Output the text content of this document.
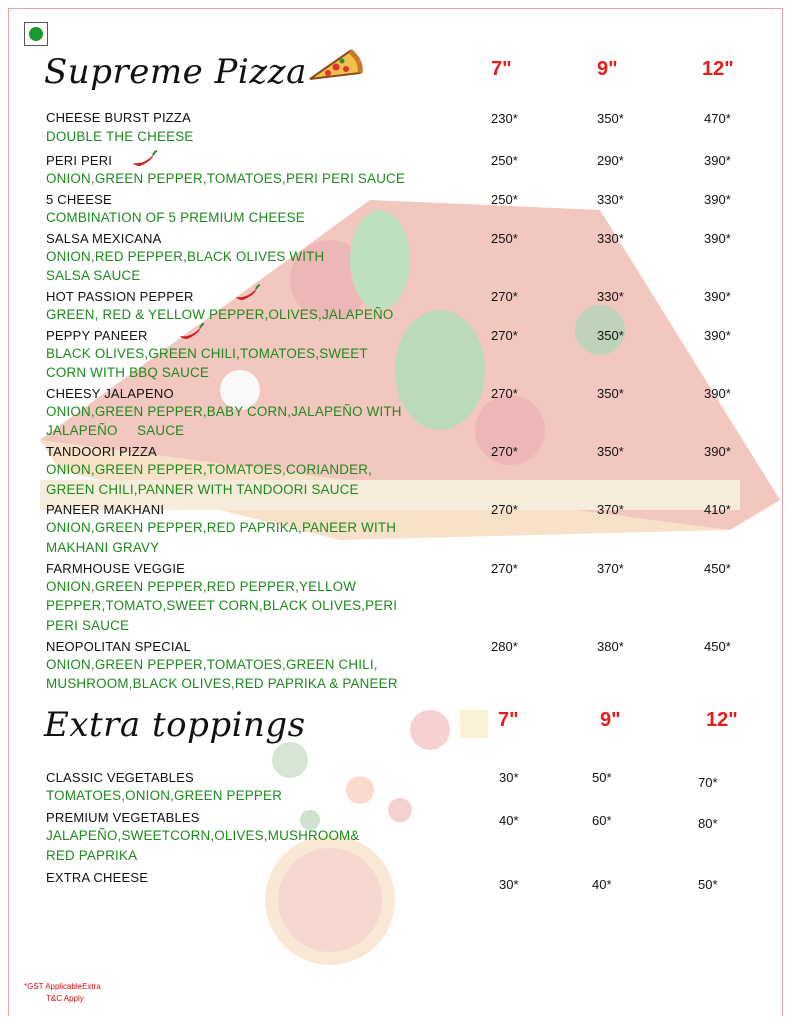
Supreme Pizza	7"	9"	12"
CHEESE BURST PIZZA
DOUBLE THE CHEESE
230*	350*	470*
PERI PERI
ONION,GREEN PEPPER,TOMATOES,PERI PERI SAUCE
250*	290*	390*
5 CHEESE
COMBINATION OF 5 PREMIUM CHEESE
250*	330*	390*
SALSA MEXICANA
ONION,RED PEPPER,BLACK OLIVES WITH
SALSA SAUCE
250*	330*	390*
HOT PASSION PEPPER
GREEN, RED & YELLOW PEPPER,OLIVES,JALAPEÑO
270*	330*	390*
PEPPY PANEER
BLACK OLIVES,GREEN CHILI,TOMATOES,SWEET
CORN WITH BBQ SAUCE
270*	350*	390*
CHEESY JALAPENO
ONION,GREEN PEPPER,BABY CORN,JALAPEÑO WITH
JALAPEÑO     SAUCE
270*	350*	390*
TANDOORI PIZZA
ONION,GREEN PEPPER,TOMATOES,CORIANDER,
GREEN CHILI,PANNER WITH TANDOORI SAUCE
270*	350*	390*
PANEER MAKHANI
ONION,GREEN PEPPER,RED PAPRIKA,PANEER WITH
MAKHANI GRAVY
270*	370*	410*
FARMHOUSE VEGGIE
ONION,GREEN PEPPER,RED PEPPER,YELLOW
PEPPER,TOMATO,SWEET CORN,BLACK OLIVES,PERI
PERI SAUCE
270*	370*	450*
NEOPOLITAN SPECIAL
ONION,GREEN PEPPER,TOMATOES,GREEN CHILI,
MUSHROOM,BLACK OLIVES,RED PAPRIKA & PANEER
280*	380*	450*
Extra toppings	7"	9"	12"
CLASSIC VEGETABLES
TOMATOES,ONION,GREEN PEPPER
30*	50*	70*
PREMIUM VEGETABLES
JALAPEÑO,SWEETCORN,OLIVES,MUSHROOM&
RED PAPRIKA
40*	60*	80*
EXTRA CHEESE	30*	40*	50*
*GST ApplicableExtra
T&C Apply
